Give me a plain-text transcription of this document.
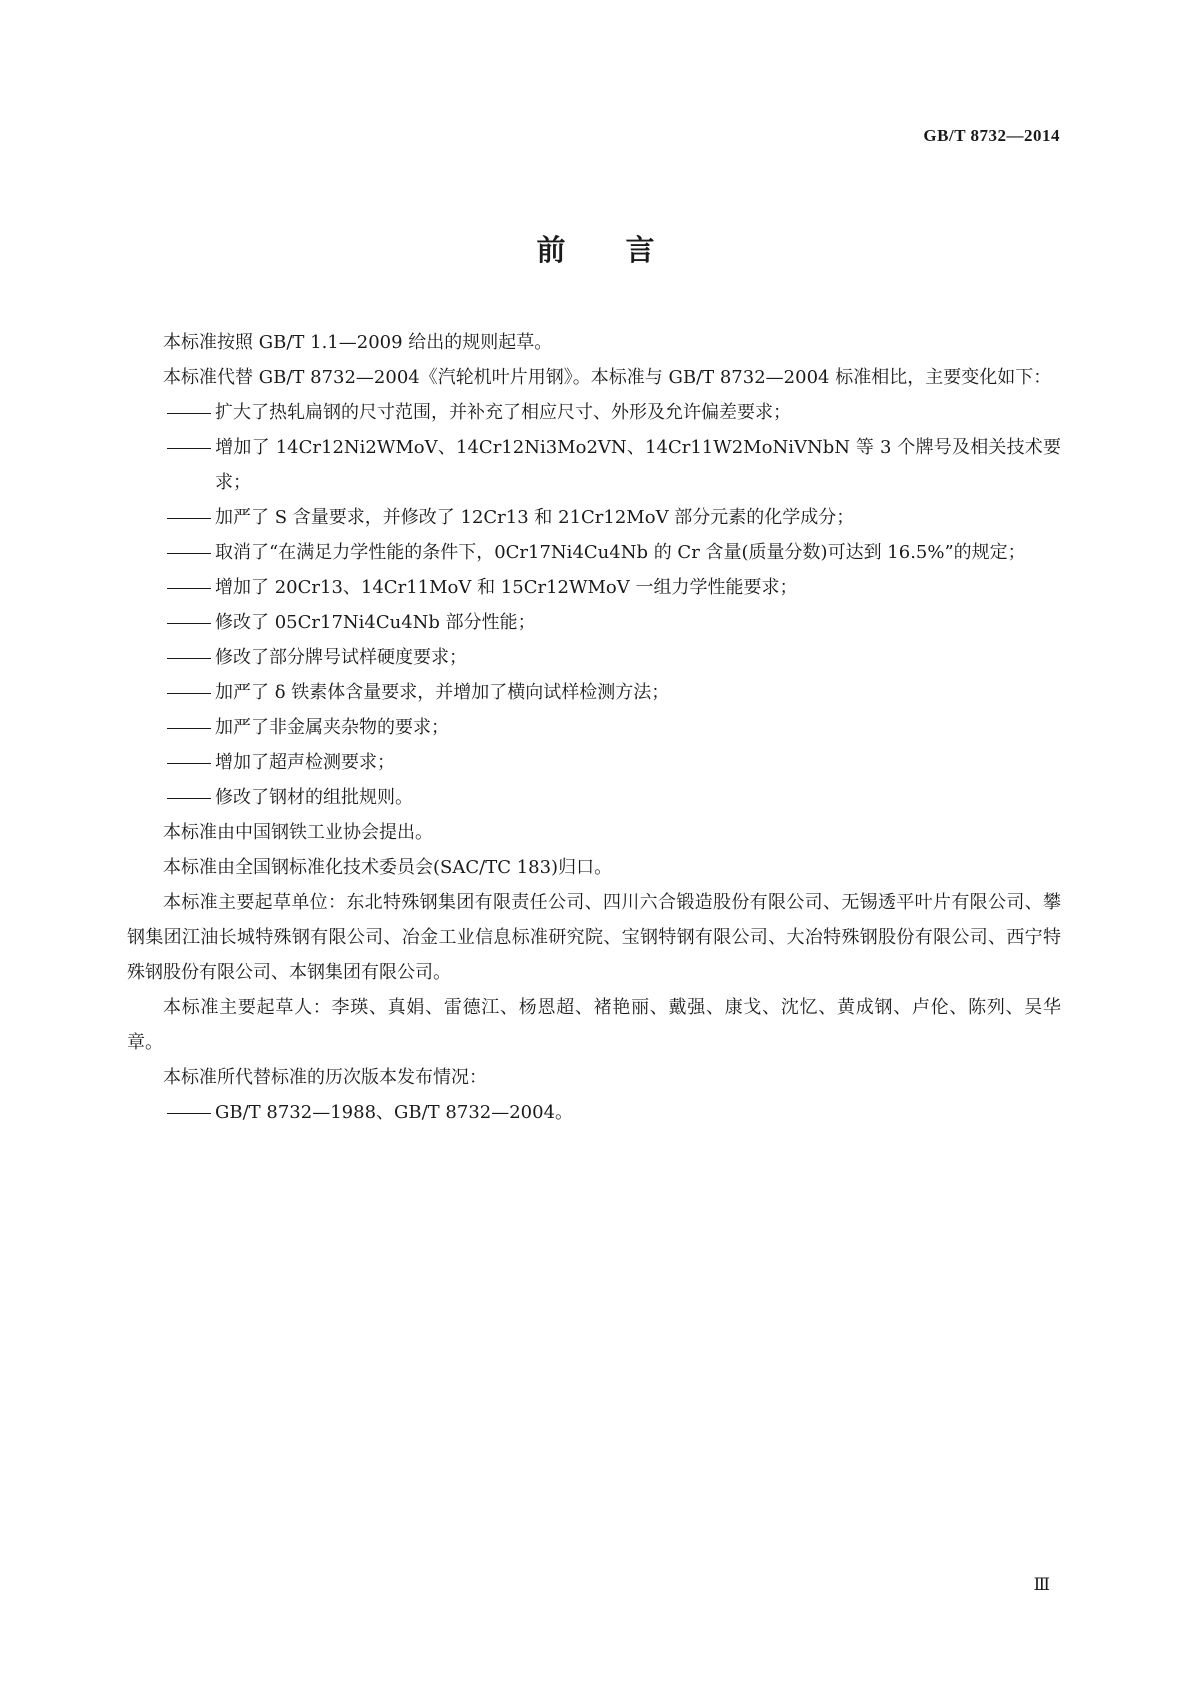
GB/T 8732—2014
前言

本标准按照 GB/T 1.1—2009 给出的规则起草。

本标准代替 GB/T 8732—2004《汽轮机叶片用钢》。本标准与 GB/T 8732—2004 标准相比，主要变化如下：

扩大了热轧扁钢的尺寸范围，并补充了相应尺寸、外形及允许偏差要求；

增加了 14Cr12Ni2WMoV、14Cr12Ni3Mo2VN、14Cr11W2MoNiVNbN 等 3 个牌号及相关技术要求；

加严了 S 含量要求，并修改了 12Cr13 和 21Cr12MoV 部分元素的化学成分；

取消了“在满足力学性能的条件下，0Cr17Ni4Cu4Nb 的 Cr 含量(质量分数)可达到 16.5%”的规定；

增加了 20Cr13、14Cr11MoV 和 15Cr12WMoV 一组力学性能要求；

修改了 05Cr17Ni4Cu4Nb 部分性能；

修改了部分牌号试样硬度要求；

加严了 δ 铁素体含量要求，并增加了横向试样检测方法；

加严了非金属夹杂物的要求；

增加了超声检测要求；

修改了钢材的组批规则。

本标准由中国钢铁工业协会提出。

本标准由全国钢标准化技术委员会(SAC/TC 183)归口。

本标准主要起草单位：东北特殊钢集团有限责任公司、四川六合锻造股份有限公司、无锡透平叶片有限公司、攀钢集团江油长城特殊钢有限公司、冶金工业信息标准研究院、宝钢特钢有限公司、大冶特殊钢股份有限公司、西宁特殊钢股份有限公司、本钢集团有限公司。

本标准主要起草人：李瑛、真娟、雷德江、杨恩超、褚艳丽、戴强、康戈、沈忆、黄成钢、卢伦、陈列、吴华章。

本标准所代替标准的历次版本发布情况：

GB/T 8732—1988、GB/T 8732—2004。

Ⅲ
